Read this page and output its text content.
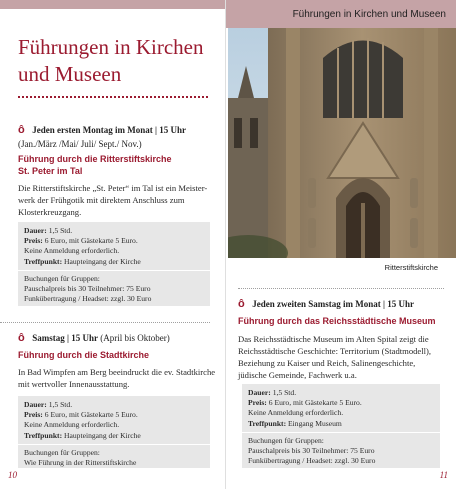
Führungen in Kirchen
und Museen
ô Jeden ersten Montag im Monat | 15 Uhr
(Jan./März /Mai/ Juli/ Sept./ Nov.)
Führung durch die Ritterstiftskirche
St. Peter im Tal
Die Ritterstiftskirche „St. Peter“ im Tal ist ein Meister-
werk der Frühgotik mit direktem Anschluss zum
Klosterkreuzgang.
Dauer: 1,5 Std.
Preis: 6 Euro, mit Gästekarte 5 Euro.
Keine Anmeldung erforderlich.
Treffpunkt: Haupteingang der Kirche
Buchungen für Gruppen:
Pauschalpreis bis 30 Teilnehmer: 75 Euro
Funkübertragung / Headset: zzgl. 30 Euro
ô Samstag | 15 Uhr (April bis Oktober)
Führung durch die Stadtkirche
In Bad Wimpfen am Berg beeindruckt die ev. Stadtkirche
mit wertvoller Innenausstattung.
Dauer: 1,5 Std.
Preis: 6 Euro, mit Gästekarte 5 Euro.
Keine Anmeldung erforderlich.
Treffpunkt: Haupteingang der Kirche
Buchungen für Gruppen:
Wie Führung in der Ritterstiftskirche
10
Führungen in Kirchen und Museen
Ritterstiftskirche
ô Jeden zweiten Samstag im Monat | 15 Uhr
Führung durch das Reichsstädtische Museum
Das Reichsstädtische Museum im Alten Spital zeigt die
Reichsstädtische Geschichte: Territorium (Stadtmodell),
Beziehung zu Kaiser und Reich, Salinengeschichte,
jüdische Gemeinde, Fachwerk u.a.
Dauer: 1,5 Std.
Preis: 6 Euro, mit Gästekarte 5 Euro.
Keine Anmeldung erforderlich.
Treffpunkt: Eingang Museum
Buchungen für Gruppen:
Pauschalpreis bis 30 Teilnehmer: 75 Euro
Funkübertragung / Headset: zzgl. 30 Euro
11
